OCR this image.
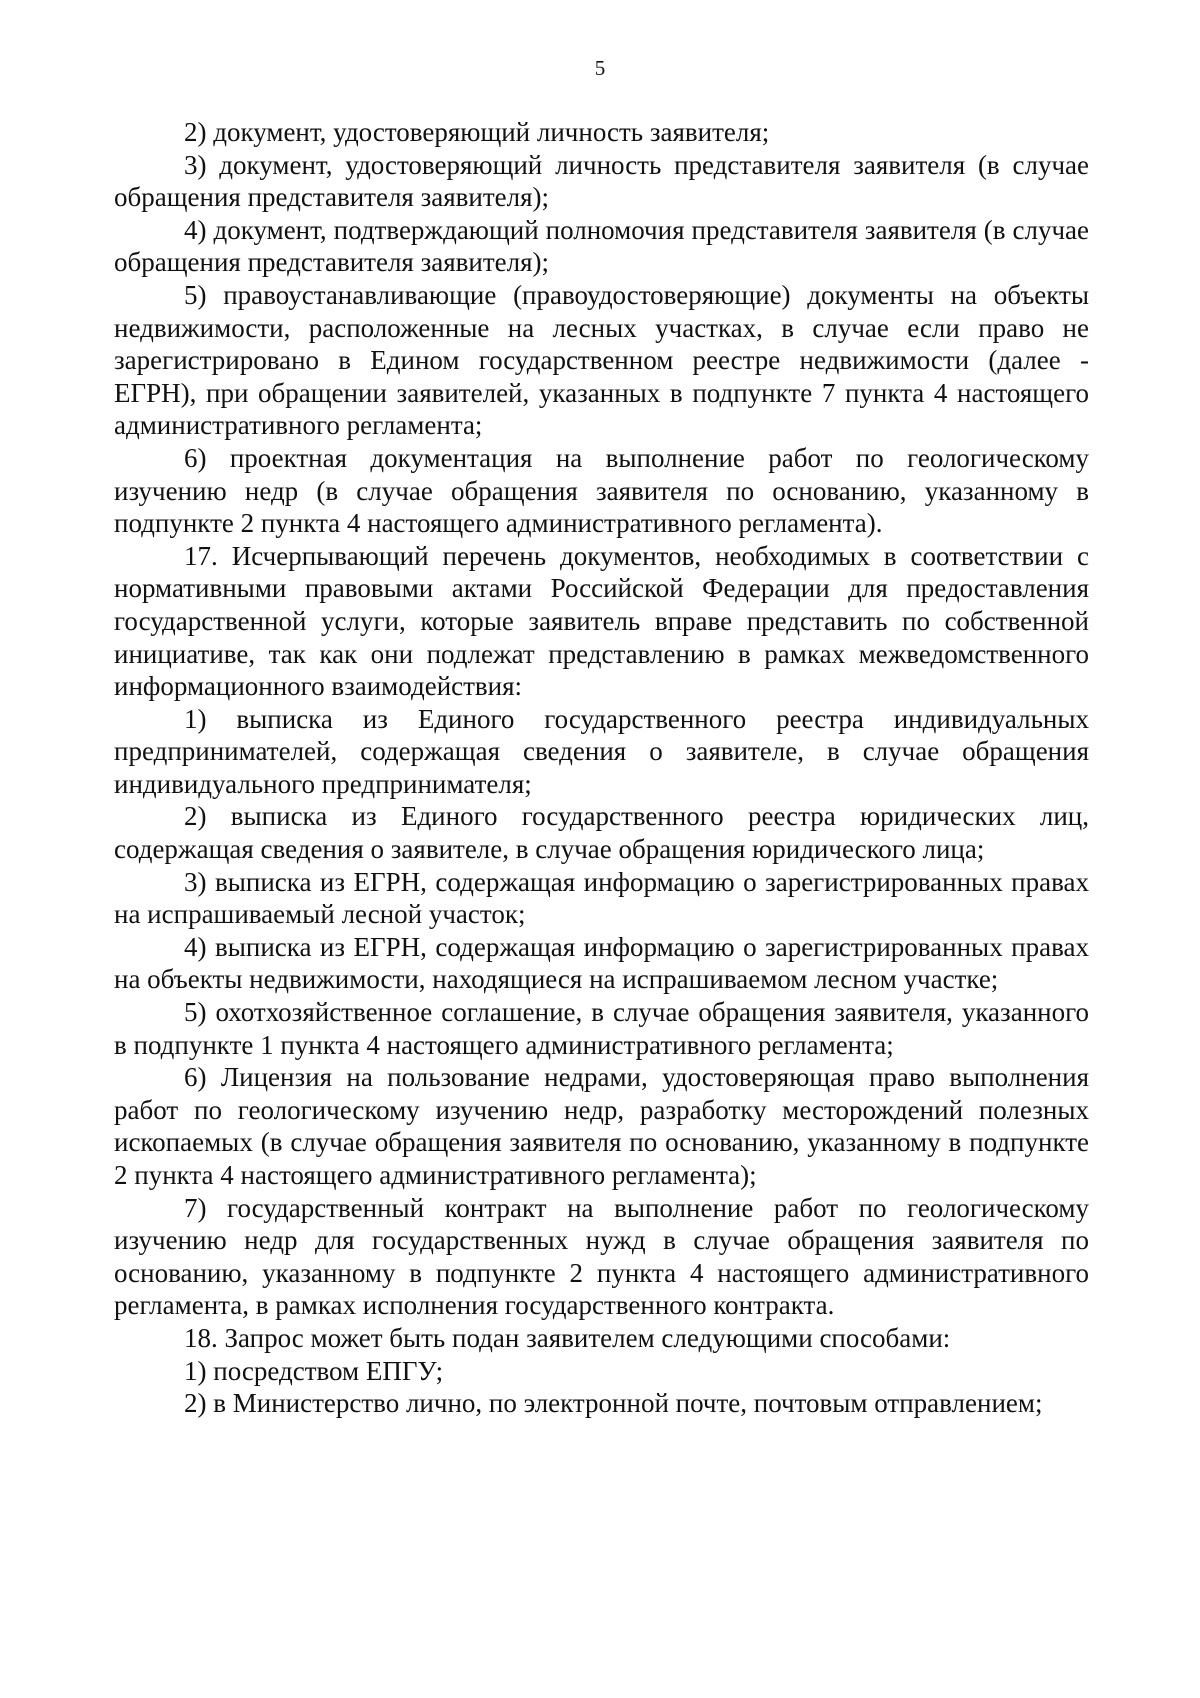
5

2) документ, удостоверяющий личность заявителя;

3) документ, удостоверяющий личность представителя заявителя (в случае обращения представителя заявителя);

4) документ, подтверждающий полномочия представителя заявителя (в случае обращения представителя заявителя);

5) правоустанавливающие (правоудостоверяющие) документы на объекты недвижимости, расположенные на лесных участках, в случае если право не зарегистрировано в Едином государственном реестре недвижимости (далее - ЕГРН), при обращении заявителей, указанных в подпункте 7 пункта 4 настоящего административного регламента;

6) проектная документация на выполнение работ по геологическому изучению недр (в случае обращения заявителя по основанию, указанному в подпункте 2 пункта 4 настоящего административного регламента).

17. Исчерпывающий перечень документов, необходимых в соответствии с нормативными правовыми актами Российской Федерации для предоставления государственной услуги, которые заявитель вправе представить по собственной инициативе, так как они подлежат представлению в рамках межведомственного информационного взаимодействия:

1) выписка из Единого государственного реестра индивидуальных предпринимателей, содержащая сведения о заявителе, в случае обращения индивидуального предпринимателя;

2) выписка из Единого государственного реестра юридических лиц, содержащая сведения о заявителе, в случае обращения юридического лица;

3) выписка из ЕГРН, содержащая информацию о зарегистрированных правах на испрашиваемый лесной участок;

4) выписка из ЕГРН, содержащая информацию о зарегистрированных правах на объекты недвижимости, находящиеся на испрашиваемом лесном участке;

5) охотхозяйственное соглашение, в случае обращения заявителя, указанного в подпункте 1 пункта 4 настоящего административного регламента;

6) Лицензия на пользование недрами, удостоверяющая право выполнения работ по геологическому изучению недр, разработку месторождений полезных ископаемых (в случае обращения заявителя по основанию, указанному в подпункте 2 пункта 4 настоящего административного регламента);

7) государственный контракт на выполнение работ по геологическому изучению недр для государственных нужд в случае обращения заявителя по основанию, указанному в подпункте 2 пункта 4 настоящего административного регламента, в рамках исполнения государственного контракта.

18. Запрос может быть подан заявителем следующими способами:

1) посредством ЕПГУ;

2) в Министерство лично, по электронной почте, почтовым отправлением;
